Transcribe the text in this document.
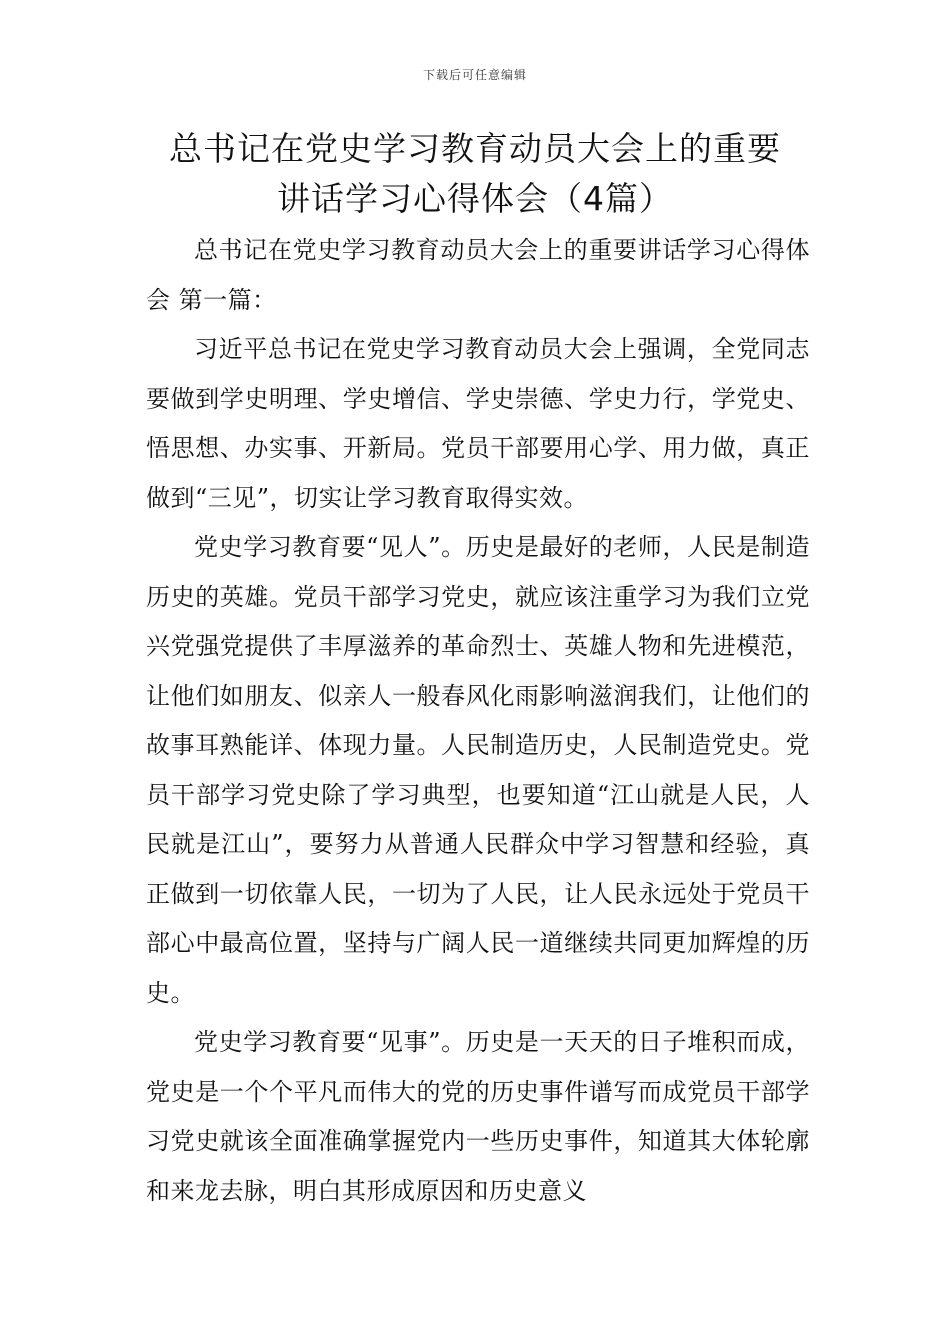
下载后可任意编辑
总书记在党史学习教育动员大会上的重要
讲话学习心得体会（4篇）

总书记在党史学习教育动员大会上的重要讲话学习心得体会 第一篇：

习近平总书记在党史学习教育动员大会上强调，全党同志要做到学史明理、学史增信、学史崇德、学史力行，学党史、悟思想、办实事、开新局。党员干部要用心学、用力做，真正做到“三见”，切实让学习教育取得实效。

党史学习教育要“见人”。历史是最好的老师，人民是制造历史的英雄。党员干部学习党史，就应该注重学习为我们立党兴党强党提供了丰厚滋养的革命烈士、英雄人物和先进模范，让他们如朋友、似亲人一般春风化雨影响滋润我们，让他们的故事耳熟能详、体现力量。人民制造历史，人民制造党史。党员干部学习党史除了学习典型，也要知道“江山就是人民，人民就是江山”，要努力从普通人民群众中学习智慧和经验，真正做到一切依靠人民，一切为了人民，让人民永远处于党员干部心中最高位置，坚持与广阔人民一道继续共同更加辉煌的历史。

党史学习教育要“见事”。历史是一天天的日子堆积而成，党史是一个个平凡而伟大的党的历史事件谱写而成党员干部学习党史就该全面准确掌握党内一些历史事件，知道其大体轮廓和来龙去脉，明白其形成原因和历史意义
